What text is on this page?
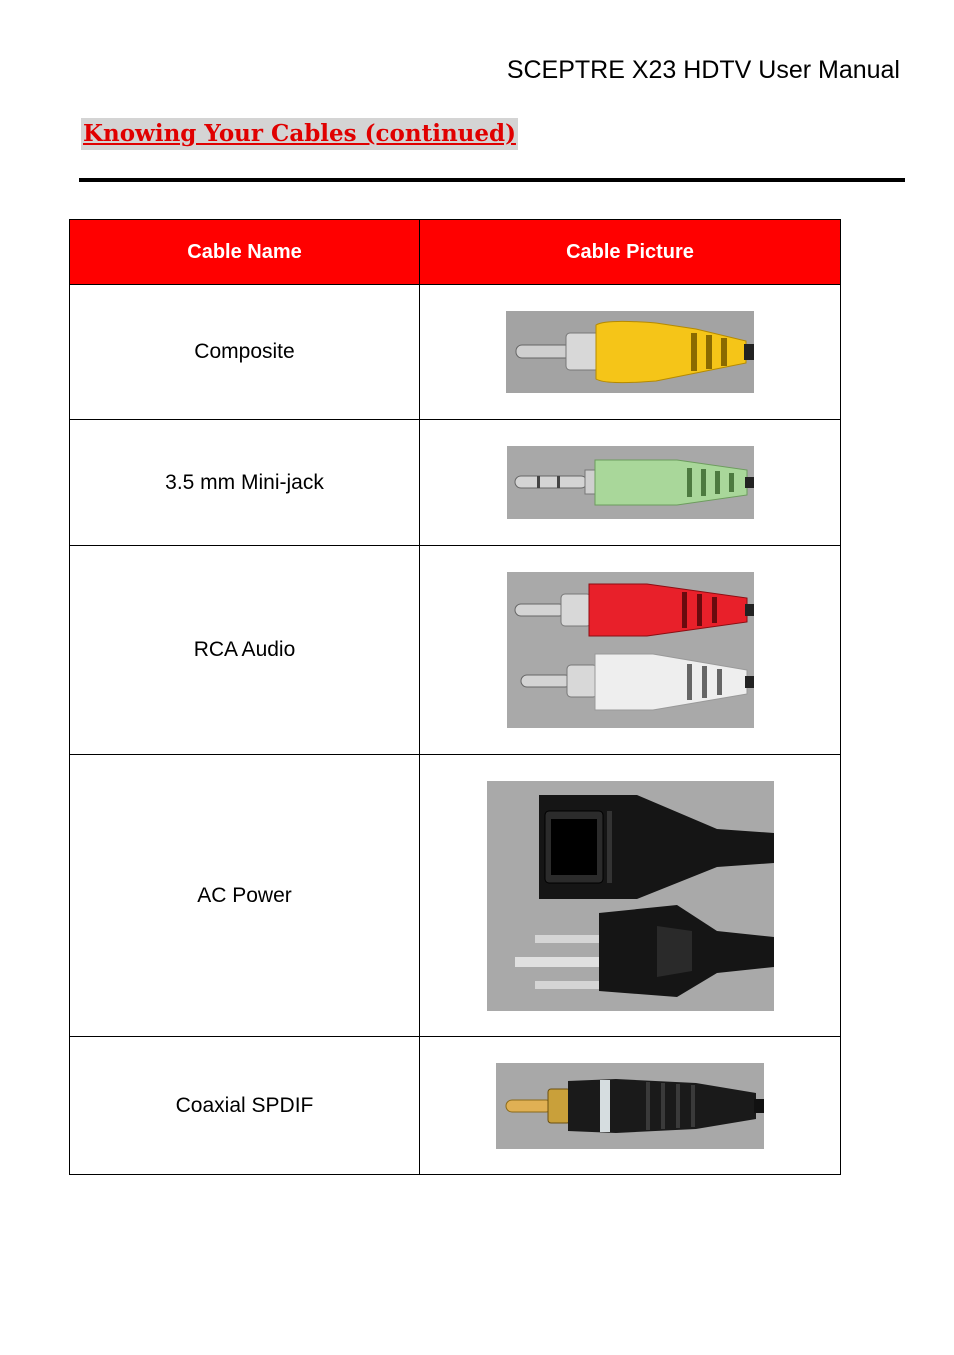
SCEPTRE X23 HDTV User Manual
Knowing Your Cables (continued)
Cable Name	Cable Picture
Composite	

3.5 mm Mini-jack	

RCA Audio	

AC Power	

Coaxial SPDIF	
